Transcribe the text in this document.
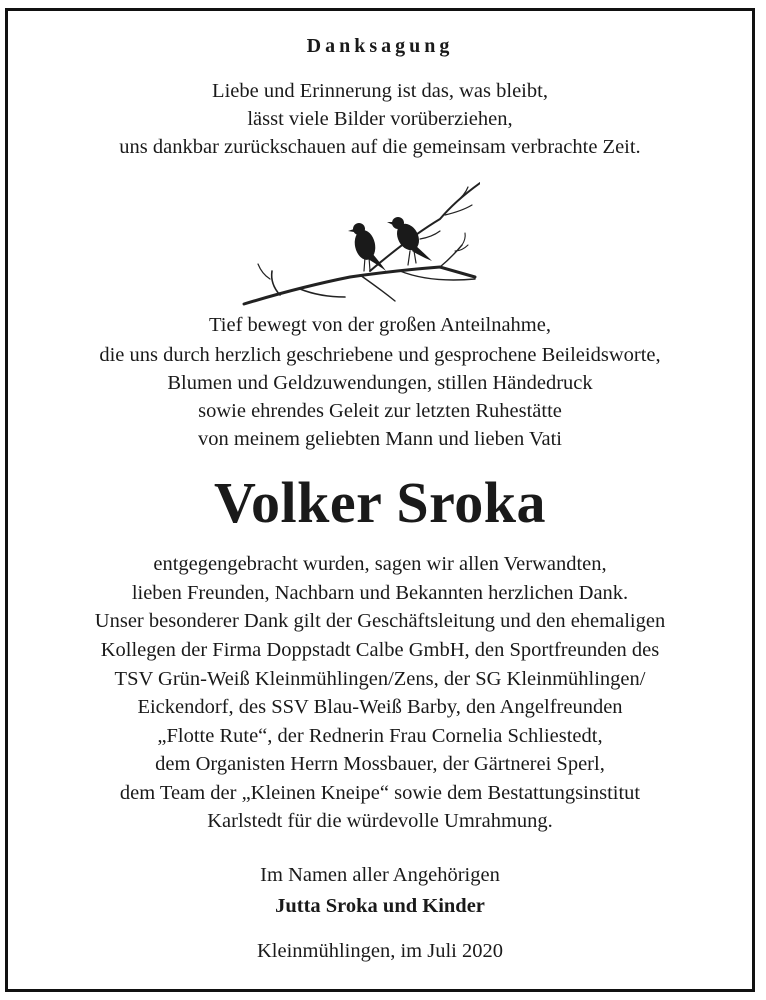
Danksagung
Liebe und Erinnerung ist das, was bleibt,
lässt viele Bilder vorüberziehen,
uns dankbar zurückschauen auf die gemeinsam verbrachte Zeit.
Tief bewegt von der großen Anteilnahme,
die uns durch herzlich geschriebene und gesprochene Beileidsworte,
Blumen und Geldzuwendungen, stillen Händedruck
sowie ehrendes Geleit zur letzten Ruhestätte
von meinem geliebten Mann und lieben Vati
Volker Sroka
entgegengebracht wurden, sagen wir allen Verwandten,
lieben Freunden, Nachbarn und Bekannten herzlichen Dank.
Unser besonderer Dank gilt der Geschäftsleitung und den ehemaligen
Kollegen der Firma Doppstadt Calbe GmbH, den Sportfreunden des
TSV Grün-Weiß Kleinmühlingen/Zens, der SG Kleinmühlingen/
Eickendorf, des SSV Blau-Weiß Barby, den Angelfreunden
„Flotte Rute“, der Rednerin Frau Cornelia Schliestedt,
dem Organisten Herrn Mossbauer, der Gärtnerei Sperl,
dem Team der „Kleinen Kneipe“ sowie dem Bestattungsinstitut
Karlstedt für die würdevolle Umrahmung.
Im Namen aller Angehörigen
Jutta Sroka und Kinder
Kleinmühlingen, im Juli 2020
